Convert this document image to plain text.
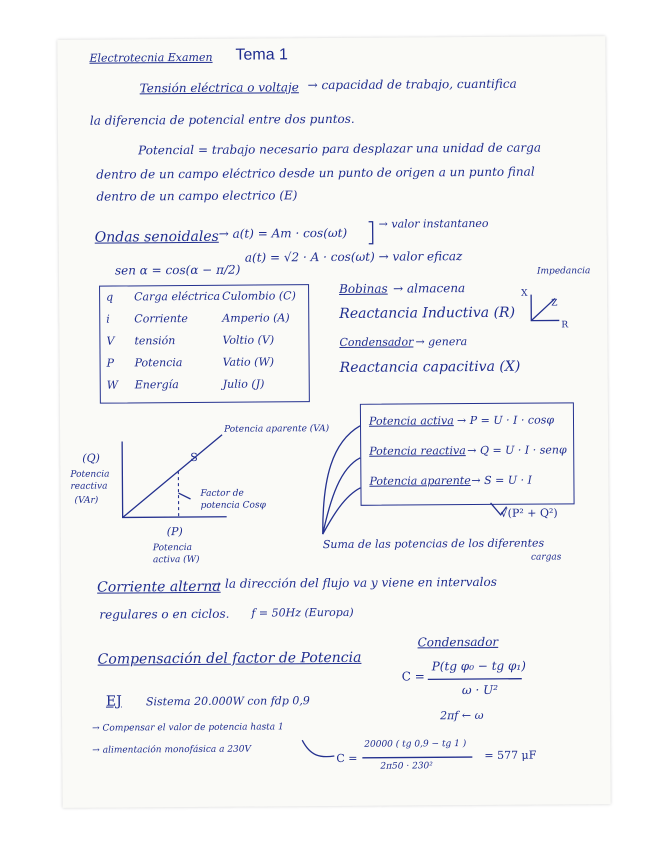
Electrotecnia Examen Tema 1
Tensión eléctrica o voltaje → capacidad de trabajo, cuantifica
la diferencia de potencial entre dos puntos.
Potencial = trabajo necesario para desplazar una unidad de carga
dentro de un campo eléctrico desde un punto de origen a un punto final
dentro de un campo electrico (E)
Ondas senoidales → a(t) = Am · cos(ωt)
→ valor instantaneo
a(t) = √2 · A · cos(ωt) → valor eficaz
sen α = cos(α − π/2)
q Carga eléctrica Culombio (C)
i Corriente	Amperio (A)
V tensión	Voltio (V)
P Potencia	Vatio (W)
W Energía	Julio (J)
Bobinas → almacena
Reactancia Inductiva (R)
Condensador → genera
Reactancia capacitiva (X)
Impedancia
X
Z
R
(Q)
Potencia
reactiva
(VAr)
S
Potencia aparente (VA)
Factor de
potencia Cosφ
(P)
Potencia
activa (W)
Potencia activa → P = U · I · cosφ
Potencia reactiva → Q = U · I · senφ
Potencia aparente → S = U · I
√(P² + Q²)
Suma de las potencias de los diferentes
cargas
Corriente alterna
→ la dirección del flujo va y viene en intervalos
regulares o en ciclos. f = 50Hz (Europa)
Compensación del factor de Potencia
Condensador
C =
P(tg φ₀ − tg φ₁)
ω · U²
2πf ← ω
EJ Sistema 20.000W con fdp 0,9
→ Compensar el valor de potencia hasta 1
→ alimentación monofásica a 230V
C =
20000 ( tg 0,9 − tg 1 )
2π50 · 230²
= 577 μF
